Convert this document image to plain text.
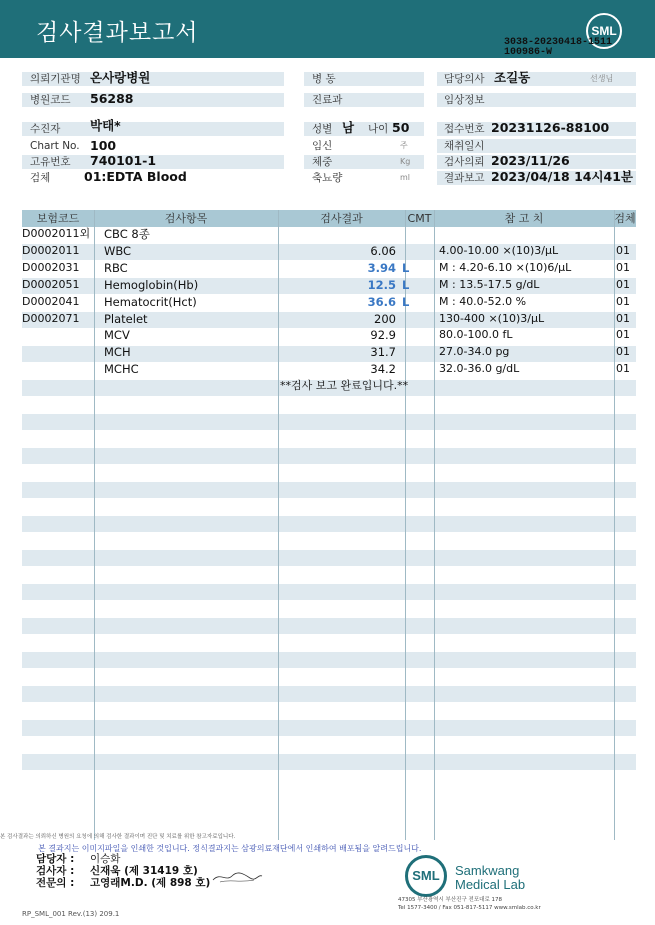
검사결과보고서	SML
3038-20230418-1511
100986-W
의뢰기관명 온사랑병원
병원코드 56288
병 동
진료과
담당의사 조길동	선생님
임상정보
수진자 박태*
Chart No. 100
고유번호 740101-1
검체	01:EDTA Blood
성별 남 나이 50
임신	주
체중	Kg
축뇨량	ml
접수번호 20231126-88100
채취일시
검사의뢰 2023/11/26
결과보고 2023/04/18 14시41분
보험코드	검사항목	검사결과	CMT	참 고 치	검체
D0002011외 CBC 8종
D0002011 WBC	6.06	4.00-10.00 ×(10)3/µL	01
D0002031 RBC	3.94 L	M : 4.20-6.10 ×(10)6/µL	01
D0002051 Hemoglobin(Hb)	12.5 L	M : 13.5-17.5 g/dL	01
D0002041 Hematocrit(Hct)	36.6 L	M : 40.0-52.0 %	01
D0002071 Platelet	200	130-400 ×(10)3/µL	01
MCV	92.9	80.0-100.0 fL	01
MCH	31.7	27.0-34.0 pg	01
MCHC	34.2	32.0-36.0 g/dL	01
**검사 보고 완료입니다.**
본 검사결과는 의뢰하신 병원의 요청에 의해 검사한 결과이며 진단 및 치료를 위한 참고자료입니다.
본 결과지는 이미지파일을 인쇄한 것입니다. 정식결과지는 삼광의료재단에서 인쇄하여 배포됨을 알려드립니다.
담당자 : 이승화
검사자 : 신재욱 (제 31419 호)
전문의 : 고영래M.D. (제 898 호)	SML	Samkwang
Medical Lab
47305 부산광역시 부산진구 전포대로 178
Tel 1577-3400 / Fax 051-817-5117 www.smlab.co.kr
RP_SML_001 Rev.(13) 209.1
